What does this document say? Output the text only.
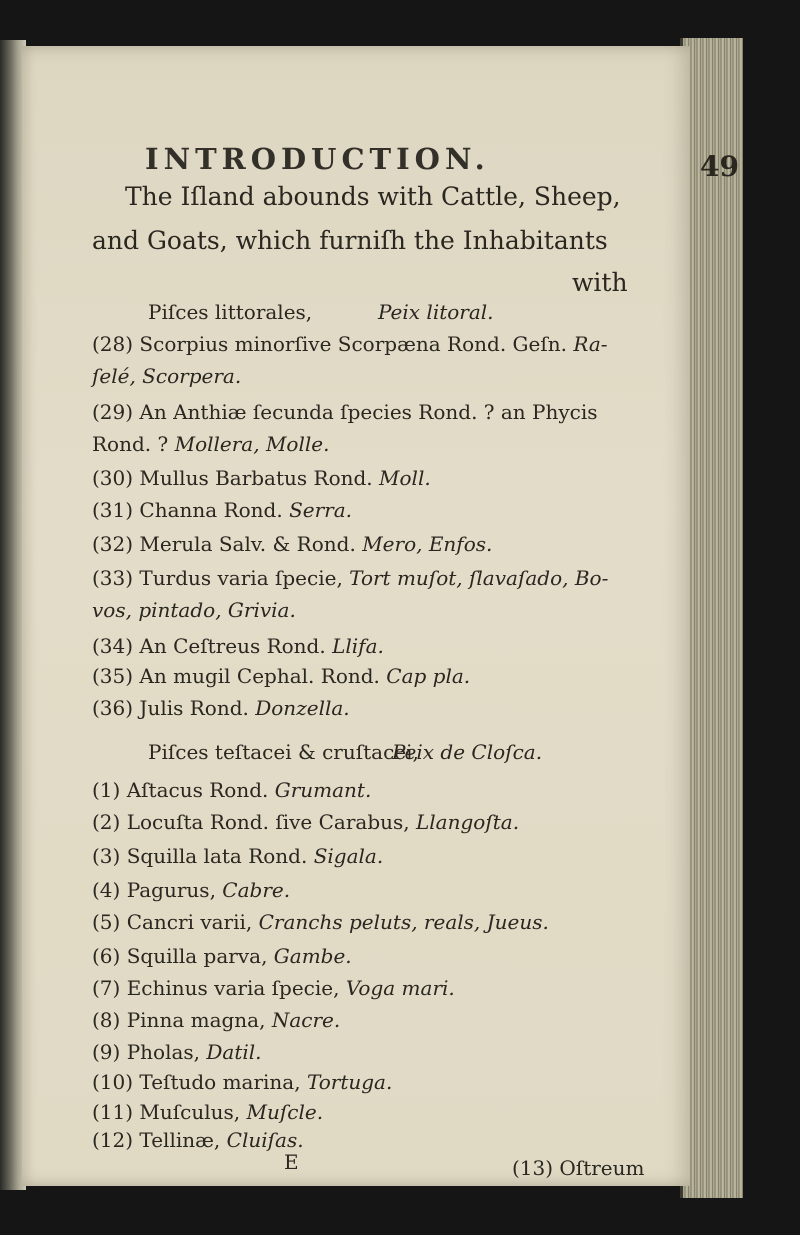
INTRODUCTION.	49
The Iſland abounds with Cattle, Sheep,
and Goats, which furniſh the Inhabitants
with
Piſces littorales,	Peix litoral.
(28) Scorpius minorſive Scorpæna Rond. Geſn. Ra-
ſelé, Scorpera.
(29) An Anthiæ ſecunda ſpecies Rond. ? an Phycis
Rond. ? Mollera, Molle.
(30) Mullus Barbatus Rond. Moll.
(31) Channa Rond. Serra.
(32) Merula Salv. & Rond. Mero, Enfos.
(33) Turdus varia ſpecie, Tort muſot, ſlavaſado, Bo-
vos, pintado, Grivia.
(34) An Ceſtreus Rond. Llifa.
(35) An mugil Cephal. Rond. Cap pla.
(36) Julis Rond. Donzella.
Piſces teſtacei & cruſtacei,
Peix de Cloſca.
(1) Aſtacus Rond. Grumant.
(2) Locuſta Rond. ſive Carabus, Llangoſta.
(3) Squilla lata Rond. Sigala.
(4) Pagurus, Cabre.
(5) Cancri varii, Cranchs peluts, reals, Jueus.
(6) Squilla parva, Gambe.
(7) Echinus varia ſpecie, Voga mari.
(8) Pinna magna, Nacre.
(9) Pholas, Datil.
(10) Teſtudo marina, Tortuga.
(11) Muſculus, Muſcle.
(12) Tellinæ, Cluiſas.
E	(13) Oſtreum
